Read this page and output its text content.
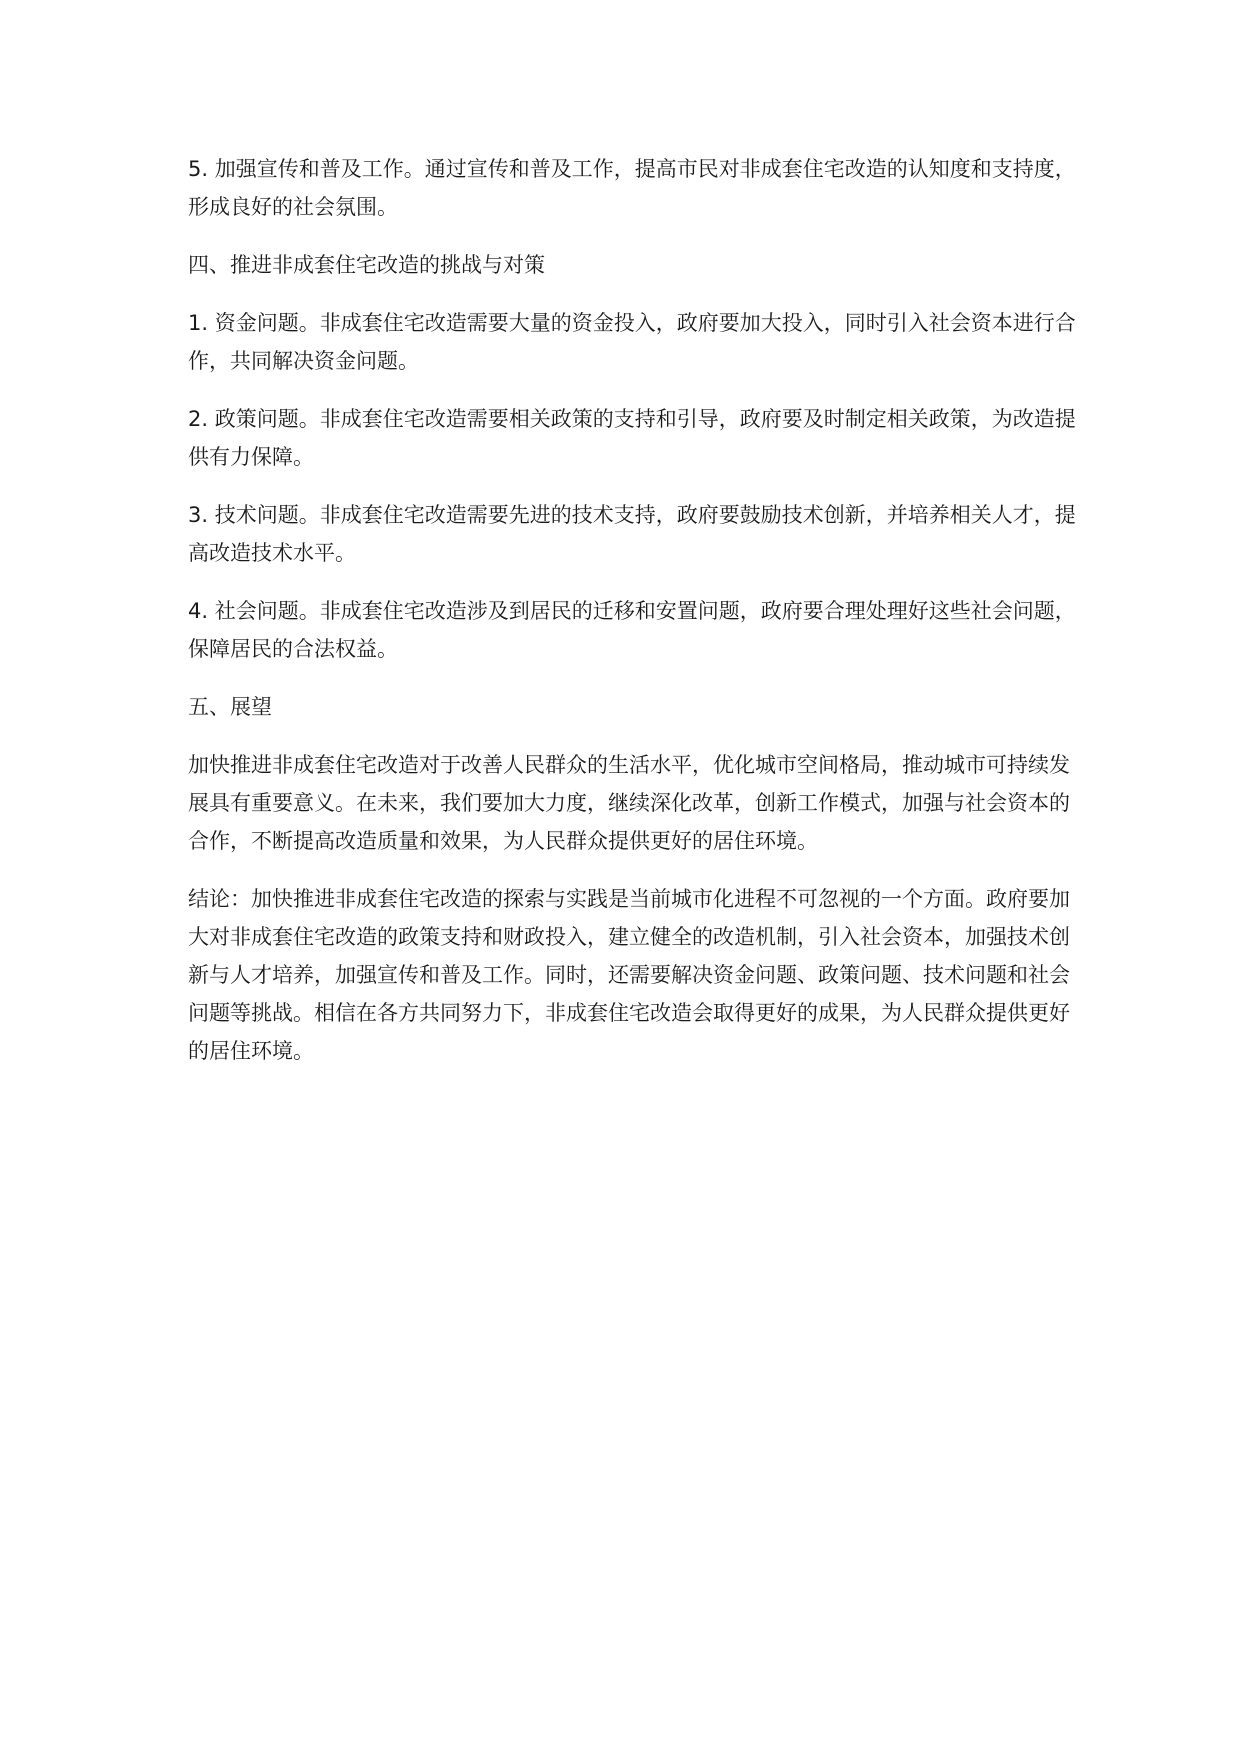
5. 加强宣传和普及工作。通过宣传和普及工作，提高市民对非成套住宅改造的认知度和支持度，形成良好的社会氛围。

四、推进非成套住宅改造的挑战与对策

1. 资金问题。非成套住宅改造需要大量的资金投入，政府要加大投入，同时引入社会资本进行合作，共同解决资金问题。

2. 政策问题。非成套住宅改造需要相关政策的支持和引导，政府要及时制定相关政策，为改造提供有力保障。

3. 技术问题。非成套住宅改造需要先进的技术支持，政府要鼓励技术创新，并培养相关人才，提高改造技术水平。

4. 社会问题。非成套住宅改造涉及到居民的迁移和安置问题，政府要合理处理好这些社会问题，保障居民的合法权益。

五、展望

加快推进非成套住宅改造对于改善人民群众的生活水平，优化城市空间格局，推动城市可持续发展具有重要意义。在未来，我们要加大力度，继续深化改革，创新工作模式，加强与社会资本的合作，不断提高改造质量和效果，为人民群众提供更好的居住环境。

结论：加快推进非成套住宅改造的探索与实践是当前城市化进程不可忽视的一个方面。政府要加大对非成套住宅改造的政策支持和财政投入，建立健全的改造机制，引入社会资本，加强技术创新与人才培养，加强宣传和普及工作。同时，还需要解决资金问题、政策问题、技术问题和社会问题等挑战。相信在各方共同努力下，非成套住宅改造会取得更好的成果，为人民群众提供更好的居住环境。
